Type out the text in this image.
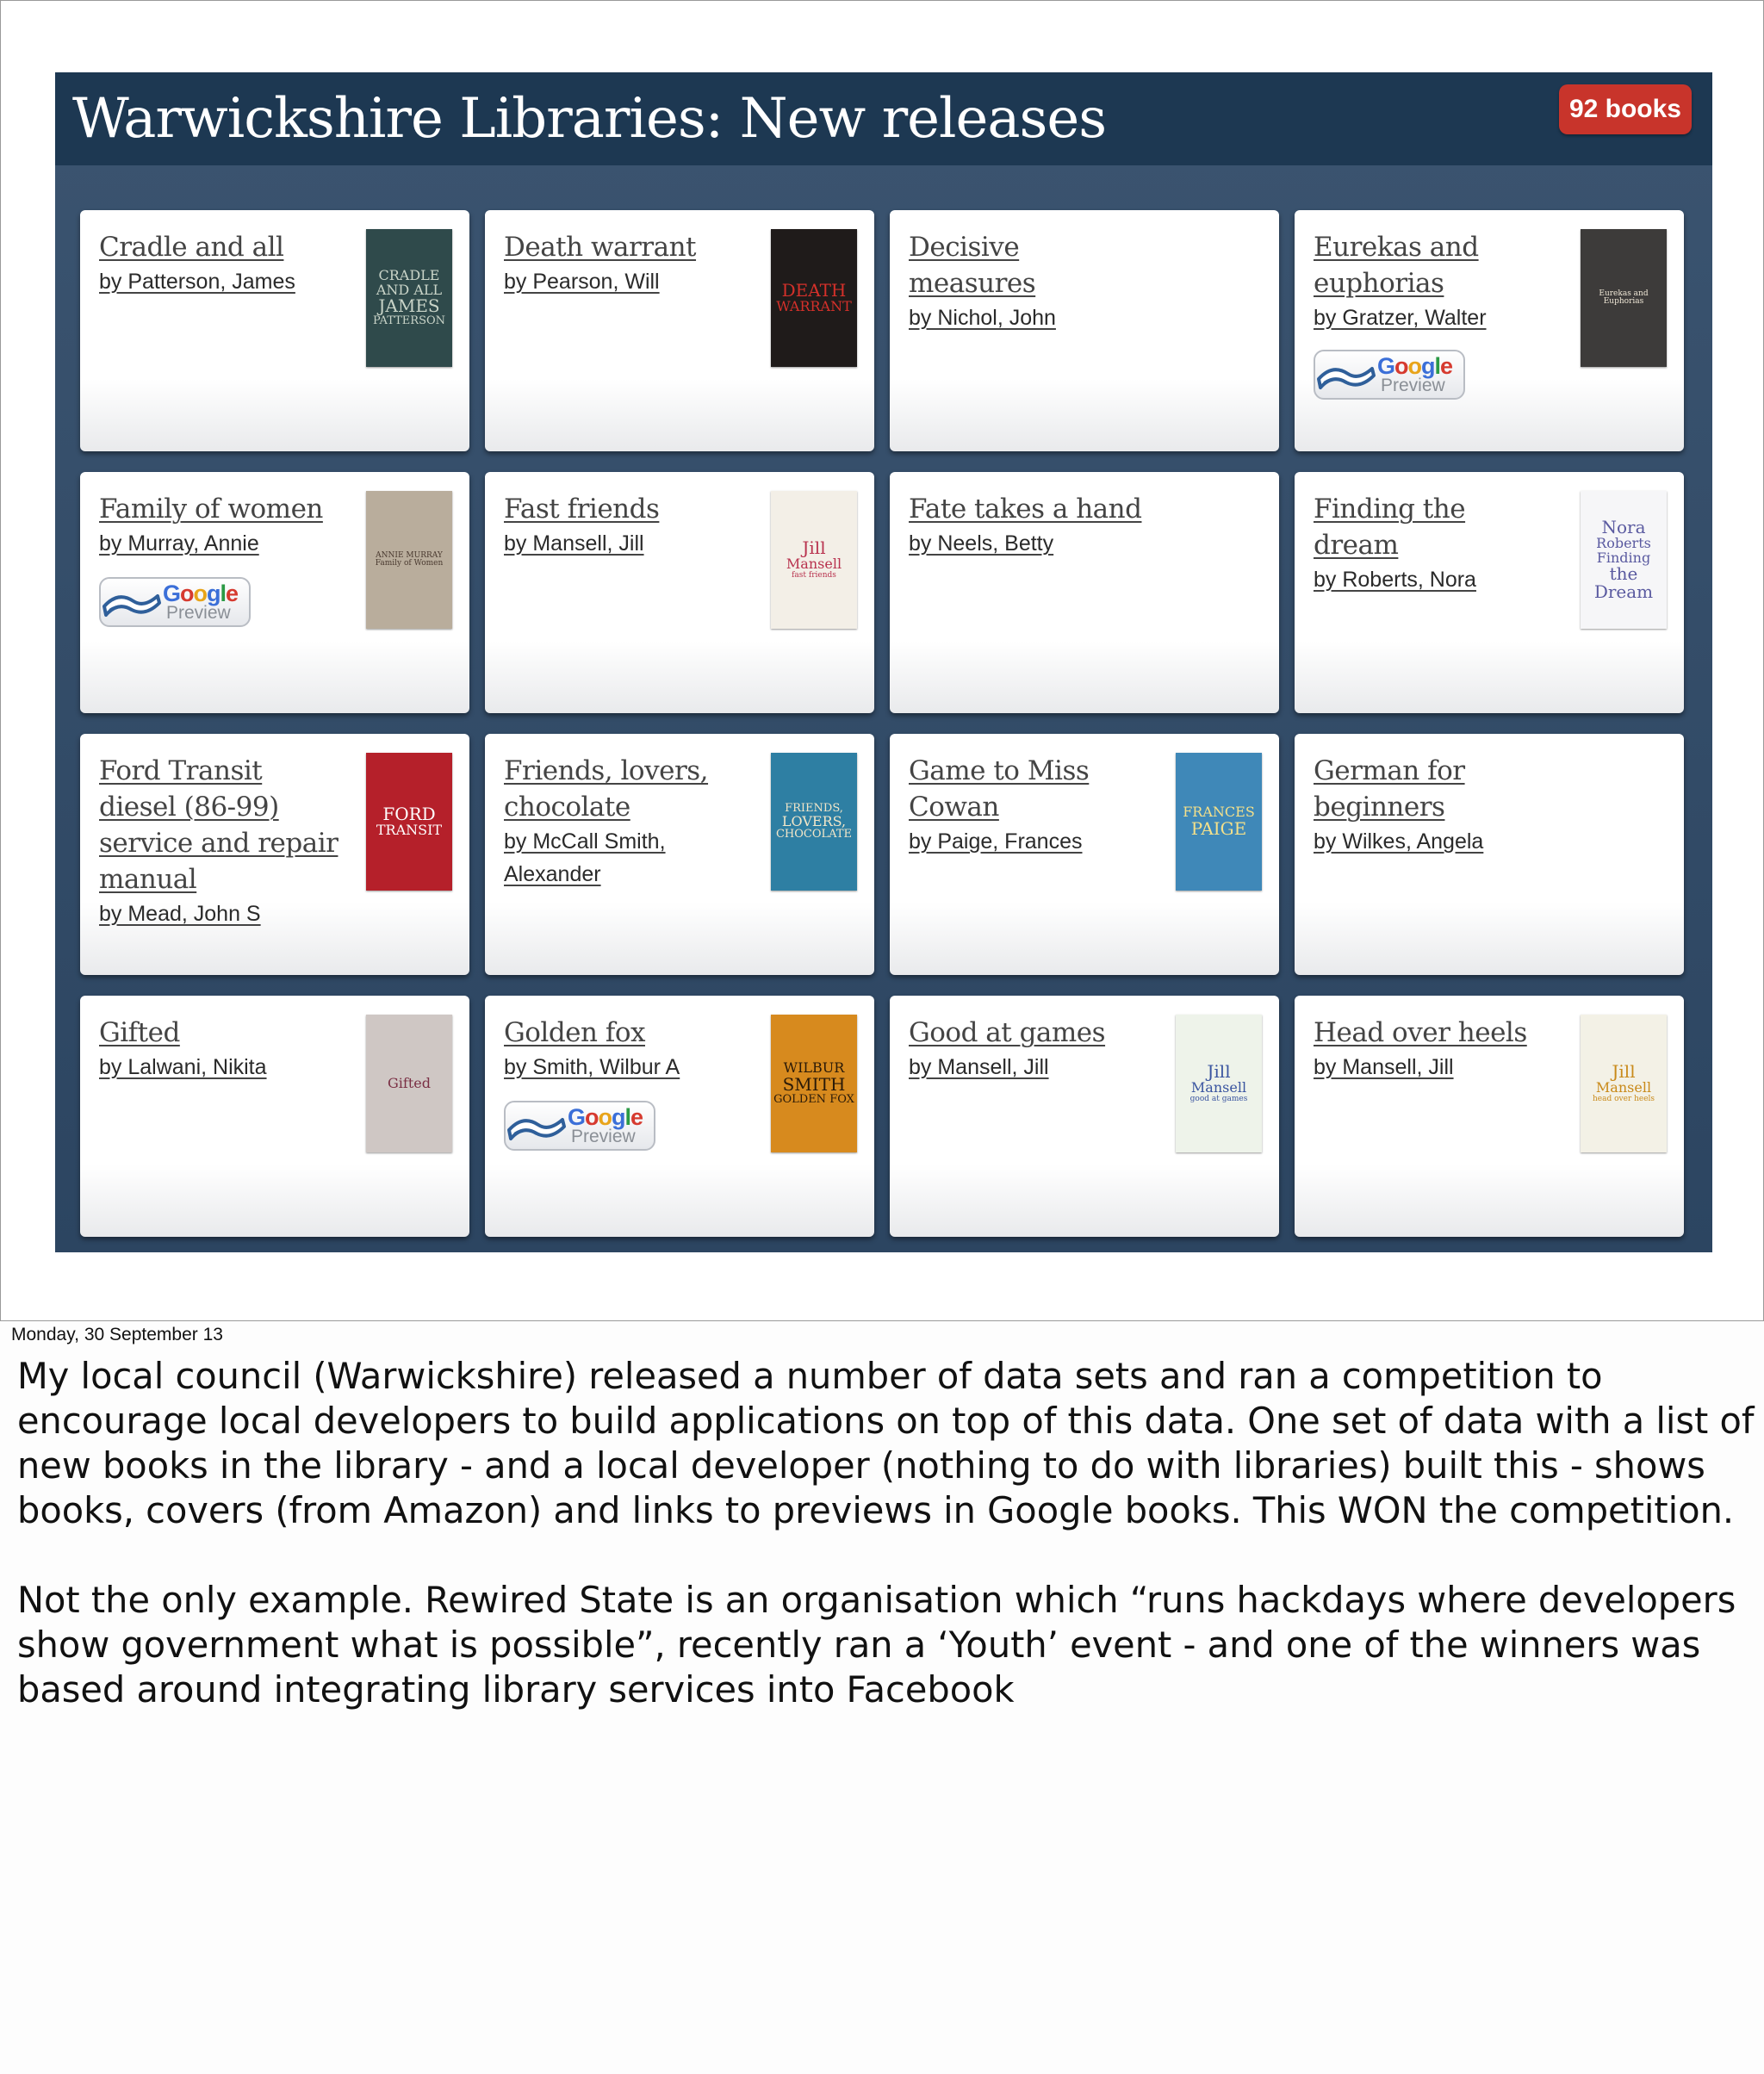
Warwickshire Libraries: New releases	92 books
Cradle and all
by Patterson, James	CRADLE
AND ALL
JAMES
PATTERSON
Death warrant
by Pearson, Will	DEATH
WARRANT
Decisive measures
by Nichol, John
Eurekas and euphorias
by Gratzer, Walter
Eurekas and Euphorias
Google
Preview
Family of women
by Murray, Annie	ANNIE MURRAY
Family of Women
Google
Preview
Fast friends
by Mansell, Jill	Jill
Mansell
fast friends
Fate takes a hand
by Neels, Betty
Finding the dream
by Roberts, Nora
Nora
Roberts
Finding
the
Dream
Ford Transit diesel (86-99) service and repair manual
by Mead, John S
FORD
TRANSIT
Friends, lovers, chocolate
by McCall Smith, Alexander
FRIENDS,
LOVERS,
CHOCOLATE
Game to Miss Cowan
by Paige, Frances
FRANCES
PAIGE
German for beginners
by Wilkes, Angela
Gifted
by Lalwani, Nikita
Gifted
Golden fox
by Smith, Wilbur A	WILBUR
SMITH
GOLDEN FOX
Google
Preview
Good at games
by Mansell, Jill	Jill
Mansell
good at games
Head over heels
by Mansell, Jill	Jill
Mansell
head over heels
Monday, 30 September 13

My local council (Warwickshire) released a number of data sets and ran a competition to encourage local developers to build applications on top of this data. One set of data with a list of new books in the library - and a local developer (nothing to do with libraries) built this - shows books, covers (from Amazon) and links to previews in Google books. This WON the competition.

Not the only example. Rewired State is an organisation which “runs hackdays where developers show government what is possible”, recently ran a ‘Youth’ event - and one of the winners was based around integrating library services into Facebook
